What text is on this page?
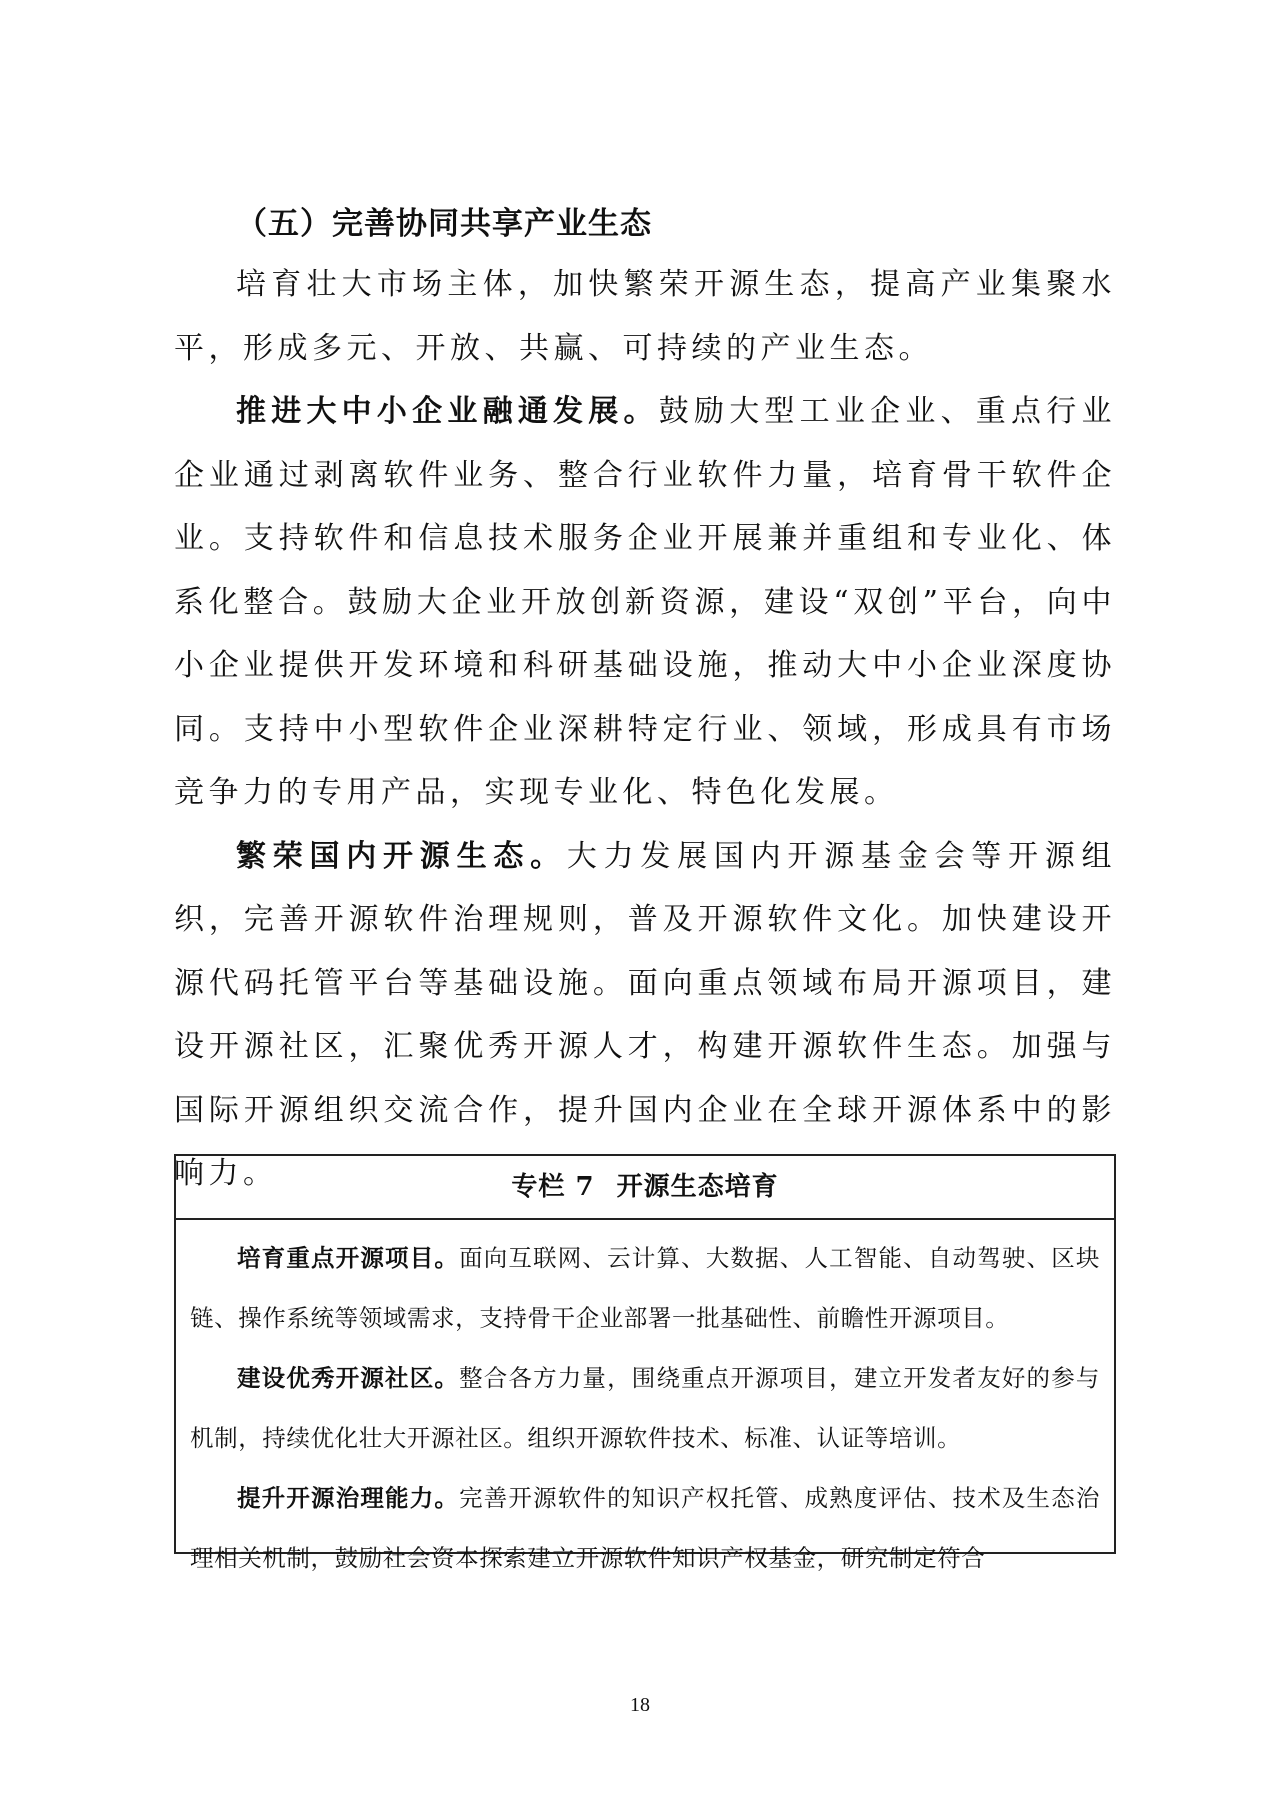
（五）完善协同共享产业生态

培育壮大市场主体，加快繁荣开源生态，提高产业集聚水平，形成多元、开放、共赢、可持续的产业生态。

推进大中小企业融通发展。鼓励大型工业企业、重点行业企业通过剥离软件业务、整合行业软件力量，培育骨干软件企业。支持软件和信息技术服务企业开展兼并重组和专业化、体系化整合。鼓励大企业开放创新资源，建设“双创”平台，向中小企业提供开发环境和科研基础设施，推动大中小企业深度协同。支持中小型软件企业深耕特定行业、领域，形成具有市场竞争力的专用产品，实现专业化、特色化发展。

繁荣国内开源生态。大力发展国内开源基金会等开源组织，完善开源软件治理规则，普及开源软件文化。加快建设开源代码托管平台等基础设施。面向重点领域布局开源项目，建设开源社区，汇聚优秀开源人才，构建开源软件生态。加强与国际开源组织交流合作，提升国内企业在全球开源体系中的影响力。	专栏 7 开源生态培育

培育重点开源项目。面向互联网、云计算、大数据、人工智能、自动驾驶、区块链、操作系统等领域需求，支持骨干企业部署一批基础性、前瞻性开源项目。

建设优秀开源社区。整合各方力量，围绕重点开源项目，建立开发者友好的参与机制，持续优化壮大开源社区。组织开源软件技术、标准、认证等培训。

提升开源治理能力。完善开源软件的知识产权托管、成熟度评估、技术及生态治理相关机制，鼓励社会资本探索建立开源软件知识产权基金，研究制定符合

18
